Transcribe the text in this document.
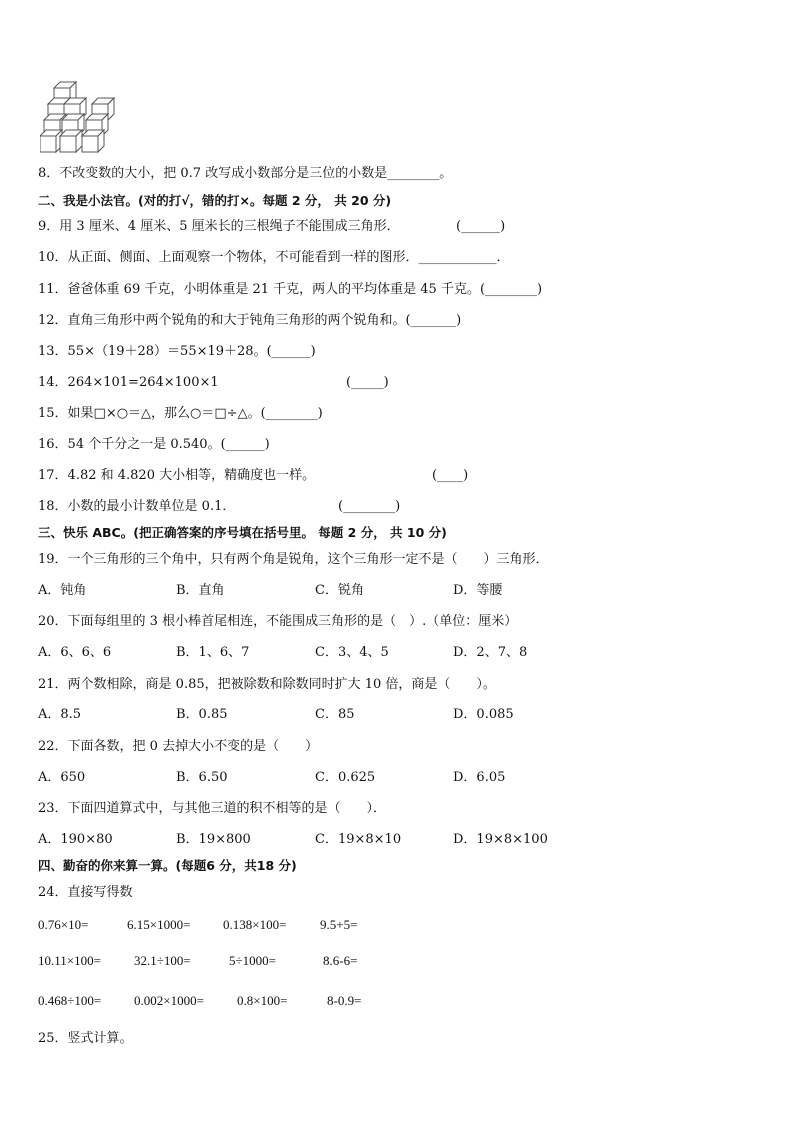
8．不改变数的大小，把 0.7 改写成小数部分是三位的小数是________。
二、我是小法官。(对的打√，错的打×。每题 2 分， 共 20 分)
9．用 3 厘米、4 厘米、5 厘米长的三根绳子不能围成三角形．	(______)
10．从正面、侧面、上面观察一个物体，不可能看到一样的图形．____________．
11．爸爸体重 69 千克，小明体重是 21 千克，两人的平均体重是 45 千克。(________)
12．直角三角形中两个锐角的和大于钝角三角形的两个锐角和。(_______)
13．55×（19＋28）＝55×19＋28。(______)
14．264×101=264×100×1	(_____)
15．如果□×○＝△，那么○＝□÷△。(________)
16．54 个千分之一是 0.540。(______)
17．4.82 和 4.820 大小相等，精确度也一样。	(____)
18．小数的最小计数单位是 0.1．	(________)
三、快乐 ABC。(把正确答案的序号填在括号里。 每题 2 分， 共 10 分)
19．一个三角形的三个角中，只有两个角是锐角，这个三角形一定不是（　　）三角形．
A．钝角	B．直角	C．锐角	D．等腰
20．下面每组里的 3 根小棒首尾相连，不能围成三角形的是（　）.（单位：厘米）
A．6、6、6	B．1、6、7	C．3、4、5	D．2、7、8
21．两个数相除，商是 0.85，把被除数和除数同时扩大 10 倍，商是（　　）。
A．8.5	B．0.85	C．85	D．0.085
22．下面各数，把 0 去掉大小不变的是（　　）
A．650	B．6.50	C．0.625	D．6.05
23．下面四道算式中，与其他三道的积不相等的是（　　）．
A．190×80	B．19×800	C．19×8×10	D．19×8×100
四、勤奋的你来算一算。(每题6 分，共18 分)
24．直接写得数
0.76×10=	6.15×1000=	0.138×100=	9.5+5=
10.11×100=	32.1÷100=	5÷1000=	8.6-6=
0.468÷100=	0.002×1000=	0.8×100=	8-0.9=
25．竖式计算。
